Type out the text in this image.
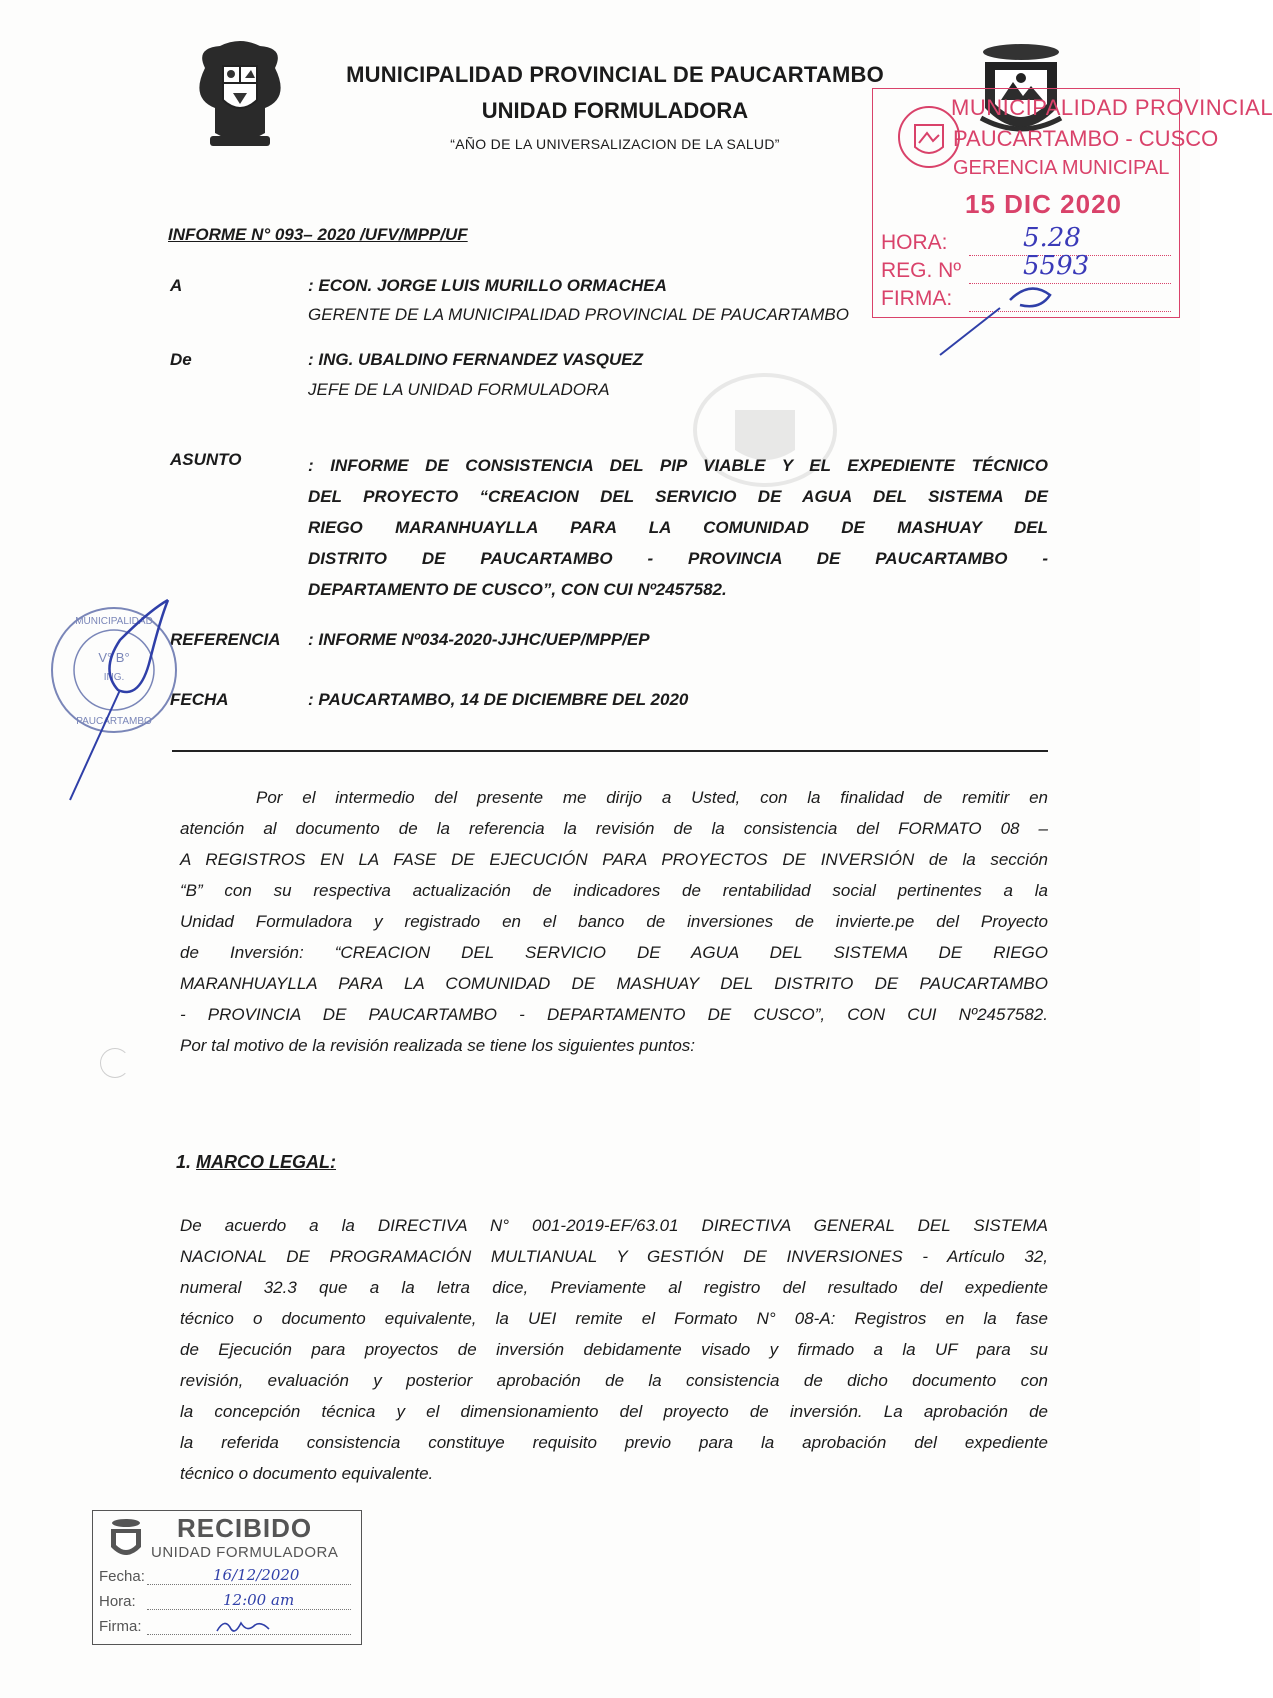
MUNICIPALIDAD PROVINCIAL DE PAUCARTAMBO
UNIDAD FORMULADORA
“AÑO DE LA UNIVERSALIZACION DE LA SALUD”
MUNICIPALIDAD PROVINCIAL
PAUCARTAMBO - CUSCO
GERENCIA MUNICIPAL
15 DIC 2020
HORA:	5.28
REG. Nº 5593
FIRMA:
INFORME N° 093– 2020 /UFV/MPP/UF
A	: ECON. JORGE LUIS MURILLO ORMACHEA
GERENTE DE LA MUNICIPALIDAD PROVINCIAL DE PAUCARTAMBO
De	: ING. UBALDINO FERNANDEZ VASQUEZ
JEFE DE LA UNIDAD FORMULADORA
ASUNTO	: INFORME DE CONSISTENCIA DEL PIP VIABLE Y EL EXPEDIENTE TÉCNICO
DEL PROYECTO “CREACION DEL SERVICIO DE AGUA DEL SISTEMA DE
RIEGO MARANHUAYLLA PARA LA COMUNIDAD DE MASHUAY DEL
DISTRITO DE PAUCARTAMBO - PROVINCIA DE PAUCARTAMBO -
DEPARTAMENTO DE CUSCO”, CON CUI Nº2457582.
REFERENCIA : INFORME Nº034-2020-JJHC/UEP/MPP/EP
FECHA	: PAUCARTAMBO, 14 DE DICIEMBRE DEL 2020
MUNICIPALIDAD
V° B°
ING.
PAUCARTAMBO
Por el intermedio del presente me dirijo a Usted, con la finalidad de remitir en
atención al documento de la referencia la revisión de la consistencia del FORMATO 08 –
A REGISTROS EN LA FASE DE EJECUCIÓN PARA PROYECTOS DE INVERSIÓN de la sección
“B” con su respectiva actualización de indicadores de rentabilidad social pertinentes a la
Unidad Formuladora y registrado en el banco de inversiones de invierte.pe del Proyecto
de Inversión: “CREACION DEL SERVICIO DE AGUA DEL SISTEMA DE RIEGO
MARANHUAYLLA PARA LA COMUNIDAD DE MASHUAY DEL DISTRITO DE PAUCARTAMBO
- PROVINCIA DE PAUCARTAMBO - DEPARTAMENTO DE CUSCO”, CON CUI Nº2457582.
Por tal motivo de la revisión realizada se tiene los siguientes puntos:
1. MARCO LEGAL:
De acuerdo a la DIRECTIVA N° 001-2019-EF/63.01 DIRECTIVA GENERAL DEL SISTEMA
NACIONAL DE PROGRAMACIÓN MULTIANUAL Y GESTIÓN DE INVERSIONES - Artículo 32,
numeral 32.3 que a la letra dice, Previamente al registro del resultado del expediente
técnico o documento equivalente, la UEI remite el Formato N° 08-A: Registros en la fase
de Ejecución para proyectos de inversión debidamente visado y firmado a la UF para su
revisión, evaluación y posterior aprobación de la consistencia de dicho documento con
la concepción técnica y el dimensionamiento del proyecto de inversión. La aprobación de
la referida consistencia constituye requisito previo para la aprobación del expediente
técnico o documento equivalente.
RECIBIDO
UNIDAD FORMULADORA
Fecha:	16/12/2020
Hora:	12:00 am
Firma:
